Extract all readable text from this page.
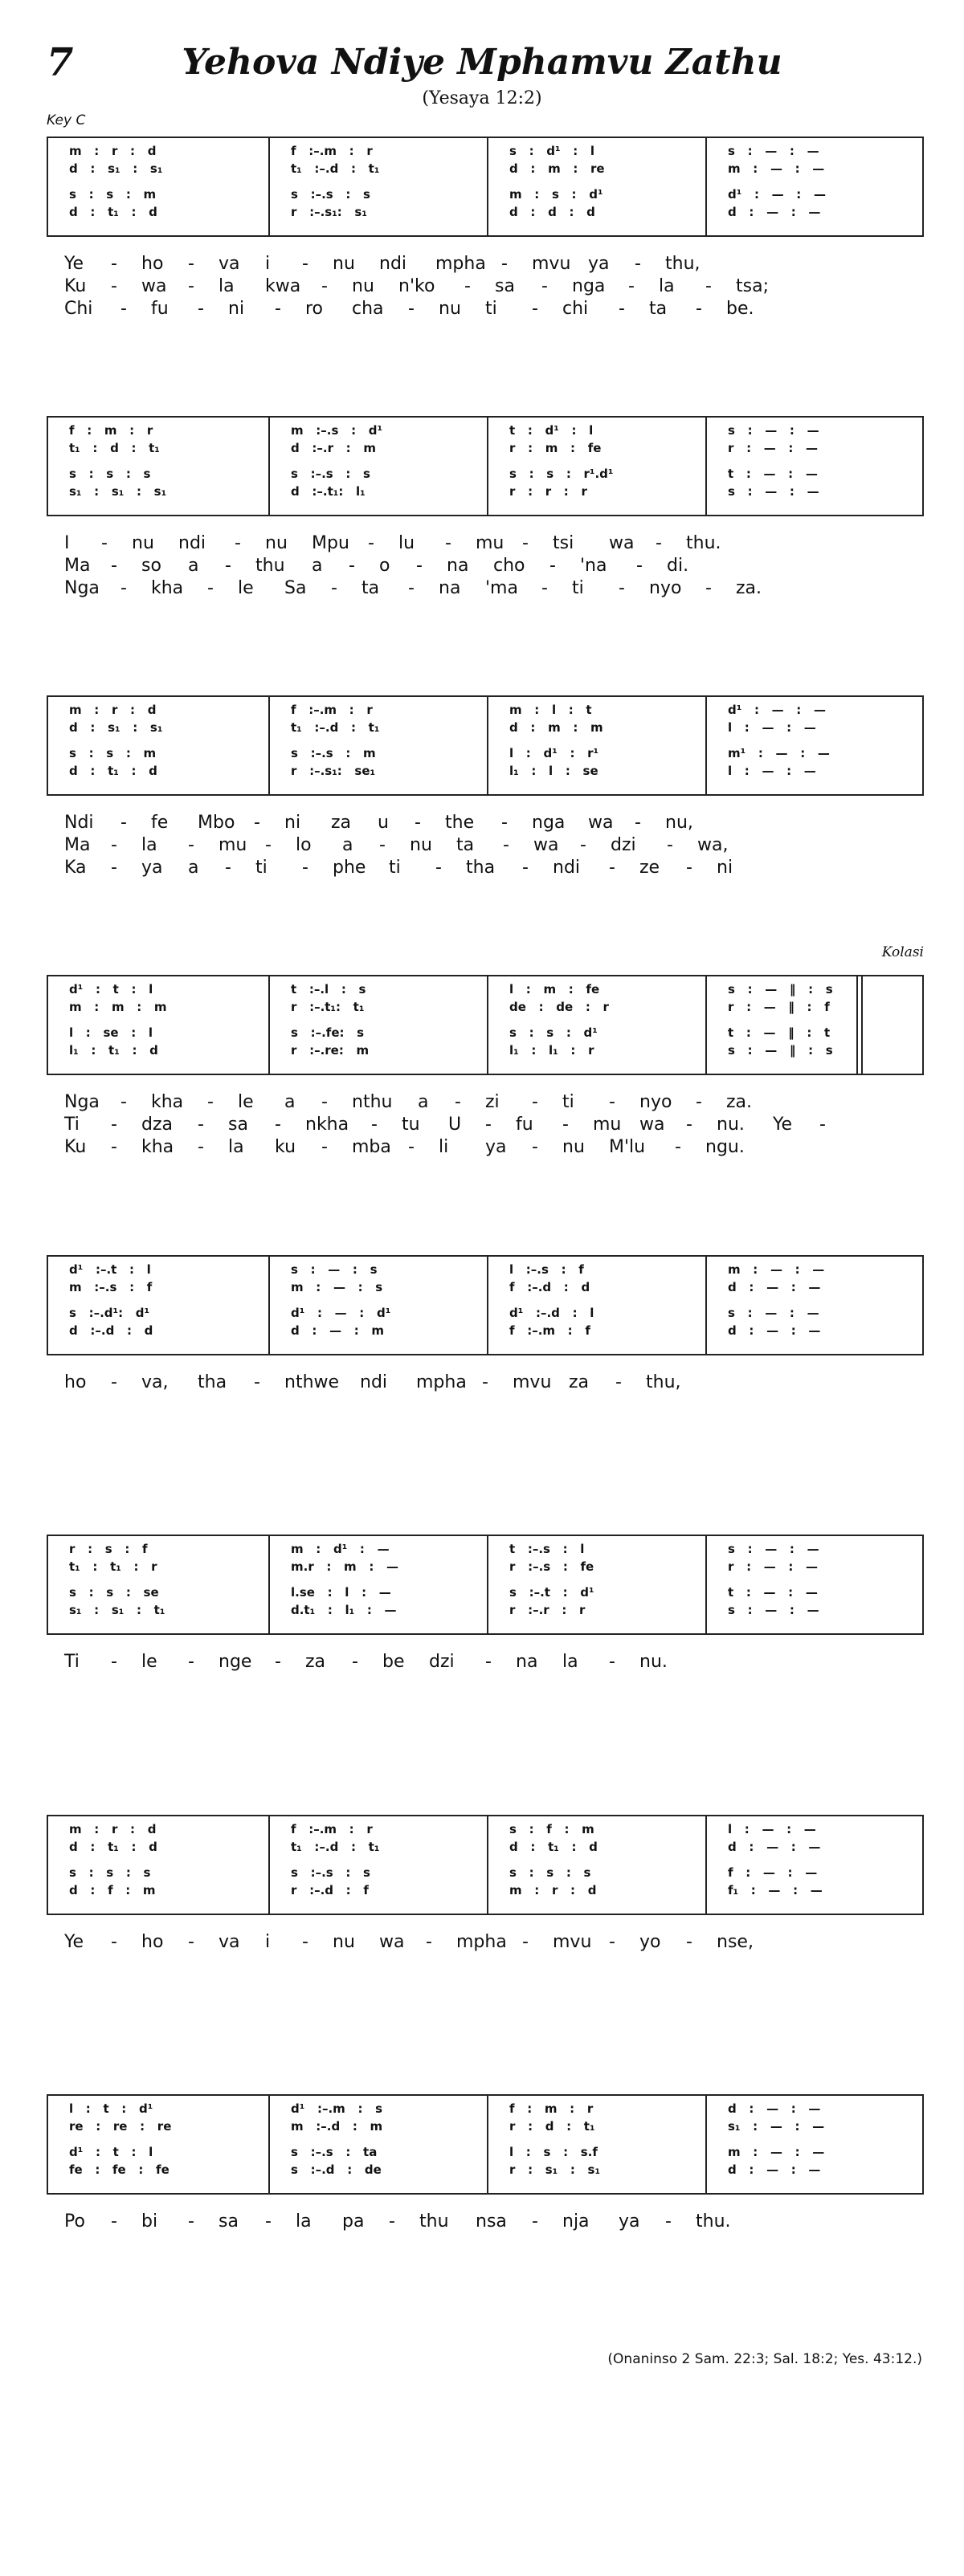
7	Yehova Ndiye Mphamvu Zathu
(Yesaya 12:2)
Key C
m   :   r   :   d	f   :–.m   :   r	s   :   d¹   :   l	s   :   —   :   —
d   :   s₁   :   s₁	t₁   :–.d   :   t₁	d   :   m   :   re	m   :   —   :   —
s   :   s   :   m	s   :–.s   :   s	m   :   s   :   d¹	d¹   :   —   :   —
d   :   t₁   :   d	r   :–.s₁:   s₁	d   :   d   :   d	d   :   —   :   —
Ye - ho - va i - nu ndi mpha - mvu ya - thu,
Ku - wa - la kwa - nu n'ko - sa - nga - la - tsa;
Chi - fu - ni - ro cha - nu ti - chi - ta - be.
f   :   m   :   r	m   :–.s   :   d¹	t   :   d¹   :   l	s   :   —   :   —
t₁   :   d   :   t₁	d   :–.r   :   m	r   :   m   :   fe	r   :   —   :   —
s   :   s   :   s	s   :–.s   :   s	s   :   s   :   r¹.d¹	t   :   —   :   —
s₁   :   s₁   :   s₁	d   :–.t₁:   l₁	r   :   r   :   r	s   :   —   :   —
I - nu ndi - nu Mpu - lu - mu - tsi wa - thu.
Ma - so a - thu a - o - na cho - 'na - di.
Nga - kha - le Sa - ta - na 'ma - ti - nyo - za.
m   :   r   :   d	f   :–.m   :   r	m   :   l   :   t	d¹   :   —   :   —
d   :   s₁   :   s₁	t₁   :–.d   :   t₁	d   :   m   :   m	l   :   —   :   —
s   :   s   :   m	s   :–.s   :   m	l   :   d¹   :   r¹	m¹   :   —   :   —
d   :   t₁   :   d	r   :–.s₁:   se₁	l₁   :   l   :   se	l   :   —   :   —
Ndi - fe Mbo - ni za u - the - nga wa - nu,
Ma - la - mu - lo a - nu ta - wa - dzi - wa,
Ka - ya a - ti - phe ti - tha - ndi - ze - ni
Kolasi
d¹   :   t   :   l	t   :–.l   :   s	l   :   m   :   fe	s   :   —   ‖   :   s
m   :   m   :   m	r   :–.t₁:   t₁	de   :   de   :   r	r   :   —   ‖   :   f
l   :   se   :   l	s   :–.fe:   s	s   :   s   :   d¹	t   :   —   ‖   :   t
l₁   :   t₁   :   d	r   :–.re:   m	l₁   :   l₁   :   r	s   :   —   ‖   :   s
Nga - kha - le a - nthu a - zi - ti - nyo - za.
Ti - dza - sa - nkha - tu U - fu - mu wa - nu. Ye -
Ku - kha - la ku - mba - li ya - nu M'lu - ngu.
d¹   :–.t   :   l	s   :   —   :   s	l   :–.s   :   f	m   :   —   :   —
m   :–.s   :   f	m   :   —   :   s	f   :–.d   :   d	d   :   —   :   —
s   :–.d¹:   d¹	d¹   :   —   :   d¹	d¹   :–.d   :   l	s   :   —   :   —
d   :–.d   :   d	d   :   —   :   m	f   :–.m   :   f	d   :   —   :   —
ho - va, tha - nthwe ndi mpha - mvu za - thu,
r   :   s   :   f	m   :   d¹   :   —	t   :–.s   :   l	s   :   —   :   —
t₁   :   t₁   :   r	m.r   :   m   :   —	r   :–.s   :   fe	r   :   —   :   —
s   :   s   :   se	l.se   :   l   :   —	s   :–.t   :   d¹	t   :   —   :   —
s₁   :   s₁   :   t₁	d.t₁   :   l₁   :   —	r   :–.r   :   r	s   :   —   :   —
Ti - le - nge - za - be dzi - na la - nu.
m   :   r   :   d	f   :–.m   :   r	s   :   f   :   m	l   :   —   :   —
d   :   t₁   :   d	t₁   :–.d   :   t₁	d   :   t₁   :   d	d   :   —   :   —
s   :   s   :   s	s   :–.s   :   s	s   :   s   :   s	f   :   —   :   —
d   :   f   :   m	r   :–.d   :   f	m   :   r   :   d	f₁   :   —   :   —
Ye - ho - va i - nu wa - mpha - mvu - yo - nse,
l   :   t   :   d¹	d¹   :–.m   :   s	f   :   m   :   r	d   :   —   :   —
re   :   re   :   re	m   :–.d   :   m	r   :   d   :   t₁	s₁   :   —   :   —
d¹   :   t   :   l	s   :–.s   :   ta	l   :   s   :   s.f	m   :   —   :   —
fe   :   fe   :   fe	s   :–.d   :   de	r   :   s₁   :   s₁	d   :   —   :   —
Po - bi - sa - la pa - thu nsa - nja ya - thu.
(Onaninso 2 Sam. 22:3; Sal. 18:2; Yes. 43:12.)
